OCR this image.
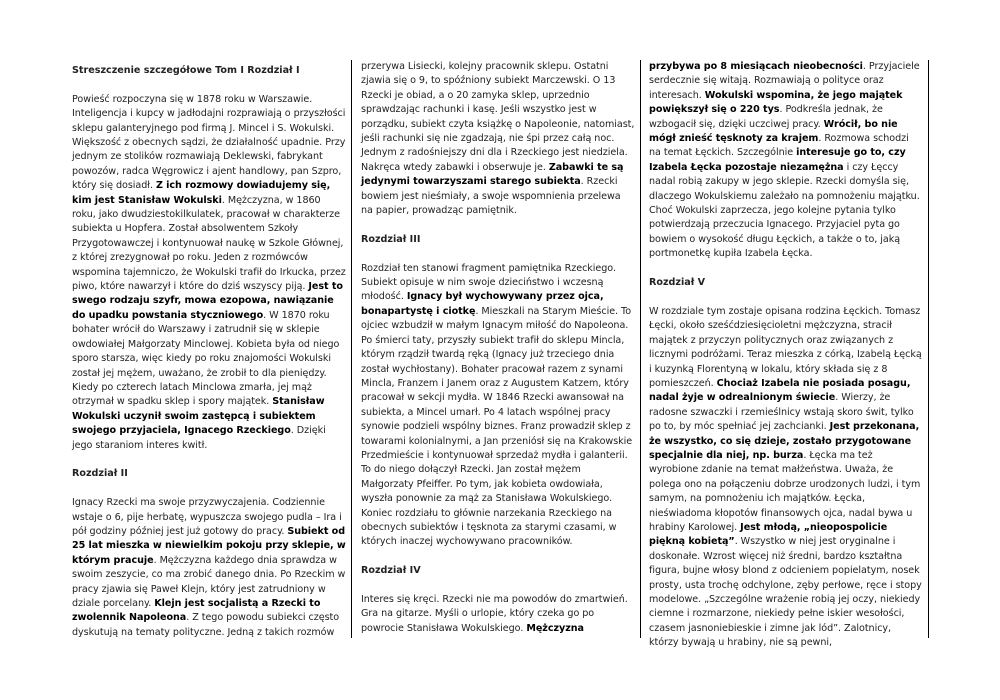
Streszczenie szczegółowe Tom I Rozdział I

Powieść rozpoczyna się w 1878 roku w Warszawie. Inteligencja i kupcy w jadłodajni rozprawiają o przyszłości sklepu galanteryjnego pod firmą J. Mincel i S. Wokulski. Większość z obecnych sądzi, że działalność upadnie. Przy jednym ze stolików rozmawiają Deklewski, fabrykant powozów, radca Węgrowicz i ajent handlowy, pan Szpro, który się dosiadł. Z ich rozmowy dowiadujemy się, kim jest Stanisław Wokulski. Mężczyzna, w 1860 roku, jako dwudziestokilkulatek, pracował w charakterze subiekta u Hopfera. Został absolwentem Szkoły Przygotowawczej i kontynuował naukę w Szkole Głównej, z której zrezygnował po roku. Jeden z rozmówców wspomina tajemniczo, że Wokulski trafił do Irkucka, przez piwo, które nawarzył i które do dziś wszyscy piją. Jest to swego rodzaju szyfr, mowa ezopowa, nawiązanie do upadku powstania styczniowego. W 1870 roku bohater wrócił do Warszawy i zatrudnił się w sklepie owdowiałej Małgorzaty Minclowej. Kobieta była od niego sporo starsza, więc kiedy po roku znajomości Wokulski został jej mężem, uważano, że zrobił to dla pieniędzy. Kiedy po czterech latach Minclowa zmarła, jej mąż otrzymał w spadku sklep i spory majątek. Stanisław Wokulski uczynił swoim zastępcą i subiektem swojego przyjaciela, Ignacego Rzeckiego. Dzięki jego staraniom interes kwitł.

Rozdział II

Ignacy Rzecki ma swoje przyzwyczajenia. Codziennie wstaje o 6, pije herbatę, wypuszcza swojego pudla – Ira i pół godziny później jest już gotowy do pracy. Subiekt od 25 lat mieszka w niewielkim pokoju przy sklepie, w którym pracuje. Mężczyzna każdego dnia sprawdza w swoim zeszycie, co ma zrobić danego dnia. Po Rzeckim w pracy zjawia się Paweł Klejn, który jest zatrudniony w dziale porcelany. Klejn jest socjalistą a Rzecki to zwolennik Napoleona. Z tego powodu subiekci często dyskutują na tematy polityczne. Jedną z takich rozmów

przerywa Lisiecki, kolejny pracownik sklepu. Ostatni zjawia się o 9, to spóźniony subiekt Marczewski. O 13 Rzecki je obiad, a o 20 zamyka sklep, uprzednio sprawdzając rachunki i kasę. Jeśli wszystko jest w porządku, subiekt czyta książkę o Napoleonie, natomiast, jeśli rachunki się nie zgadzają, nie śpi przez całą noc. Jednym z radośniejszy dni dla i Rzeckiego jest niedziela. Nakręca wtedy zabawki i obserwuje je. Zabawki te są jedynymi towarzyszami starego subiekta. Rzecki bowiem jest nieśmiały, a swoje wspomnienia przelewa na papier, prowadząc pamiętnik.

Rozdział III

Rozdział ten stanowi fragment pamiętnika Rzeckiego. Subiekt opisuje w nim swoje dzieciństwo i wczesną młodość. Ignacy był wychowywany przez ojca, bonapartystę i ciotkę. Mieszkali na Starym Mieście. To ojciec wzbudził w małym Ignacym miłość do Napoleona. Po śmierci taty, przyszły subiekt trafił do sklepu Mincla, którym rządził twardą ręką (Ignacy już trzeciego dnia został wychłostany). Bohater pracował razem z synami Mincla, Franzem i Janem oraz z Augustem Katzem, który pracował w sekcji mydła. W 1846 Rzecki awansował na subiekta, a Mincel umarł. Po 4 latach wspólnej pracy synowie podzieli wspólny biznes. Franz prowadził sklep z towarami kolonialnymi, a Jan przeniósł się na Krakowskie Przedmieście i kontynuował sprzedaż mydła i galanterii. To do niego dołączył Rzecki. Jan został mężem Małgorzaty Pfeiffer. Po tym, jak kobieta owdowiała, wyszła ponownie za mąż za Stanisława Wokulskiego. Koniec rozdziału to głównie narzekania Rzeckiego na obecnych subiektów i tęsknota za starymi czasami, w których inaczej wychowywano pracowników.

Rozdział IV

Interes się kręci. Rzecki nie ma powodów do zmartwień. Gra na gitarze. Myśli o urlopie, który czeka go po powrocie Stanisława Wokulskiego. Mężczyzna

przybywa po 8 miesiącach nieobecności. Przyjaciele serdecznie się witają. Rozmawiają o polityce oraz interesach. Wokulski wspomina, że jego majątek powiększył się o 220 tys. Podkreśla jednak, że wzbogacił się, dzięki uczciwej pracy. Wrócił, bo nie mógł znieść tęsknoty za krajem. Rozmowa schodzi na temat Łęckich. Szczególnie interesuje go to, czy Izabela Łęcka pozostaje niezamężna i czy Łęccy nadal robią zakupy w jego sklepie. Rzecki domyśla się, dlaczego Wokulskiemu zależało na pomnożeniu majątku. Choć Wokulski zaprzecza, jego kolejne pytania tylko potwierdzają przeczucia Ignacego. Przyjaciel pyta go bowiem o wysokość długu Łęckich, a także o to, jaką portmonetkę kupiła Izabela Łęcka.

Rozdział V

W rozdziale tym zostaje opisana rodzina Łęckich. Tomasz Łęcki, około sześćdziesięcioletni mężczyzna, stracił majątek z przyczyn politycznych oraz związanych z licznymi podróżami. Teraz mieszka z córką, Izabelą Łęcką i kuzynką Florentyną w lokalu, który składa się z 8 pomieszczeń. Chociaż Izabela nie posiada posagu, nadal żyje w odrealnionym świecie. Wierzy, że radosne szwaczki i rzemieślnicy wstają skoro świt, tylko po to, by móc spełniać jej zachcianki. Jest przekonana, że wszystko, co się dzieje, zostało przygotowane specjalnie dla niej, np. burza. Łęcka ma też wyrobione zdanie na temat małżeństwa. Uważa, że polega ono na połączeniu dobrze urodzonych ludzi, i tym samym, na pomnożeniu ich majątków. Łęcka, nieświadoma kłopotów finansowych ojca, nadal bywa u hrabiny Karolowej. Jest młodą, „nieopospolicie piękną kobietą”. Wszystko w niej jest oryginalne i doskonałe. Wzrost więcej niż średni, bardzo kształtna figura, bujne włosy blond z odcieniem popielatym, nosek prosty, usta trochę odchylone, zęby perłowe, ręce i stopy modelowe. „Szczególne wrażenie robią jej oczy, niekiedy ciemne i rozmarzone, niekiedy pełne iskier wesołości, czasem jasnoniebieskie i zimne jak lód”. Zalotnicy, którzy bywają u hrabiny, nie są pewni,
